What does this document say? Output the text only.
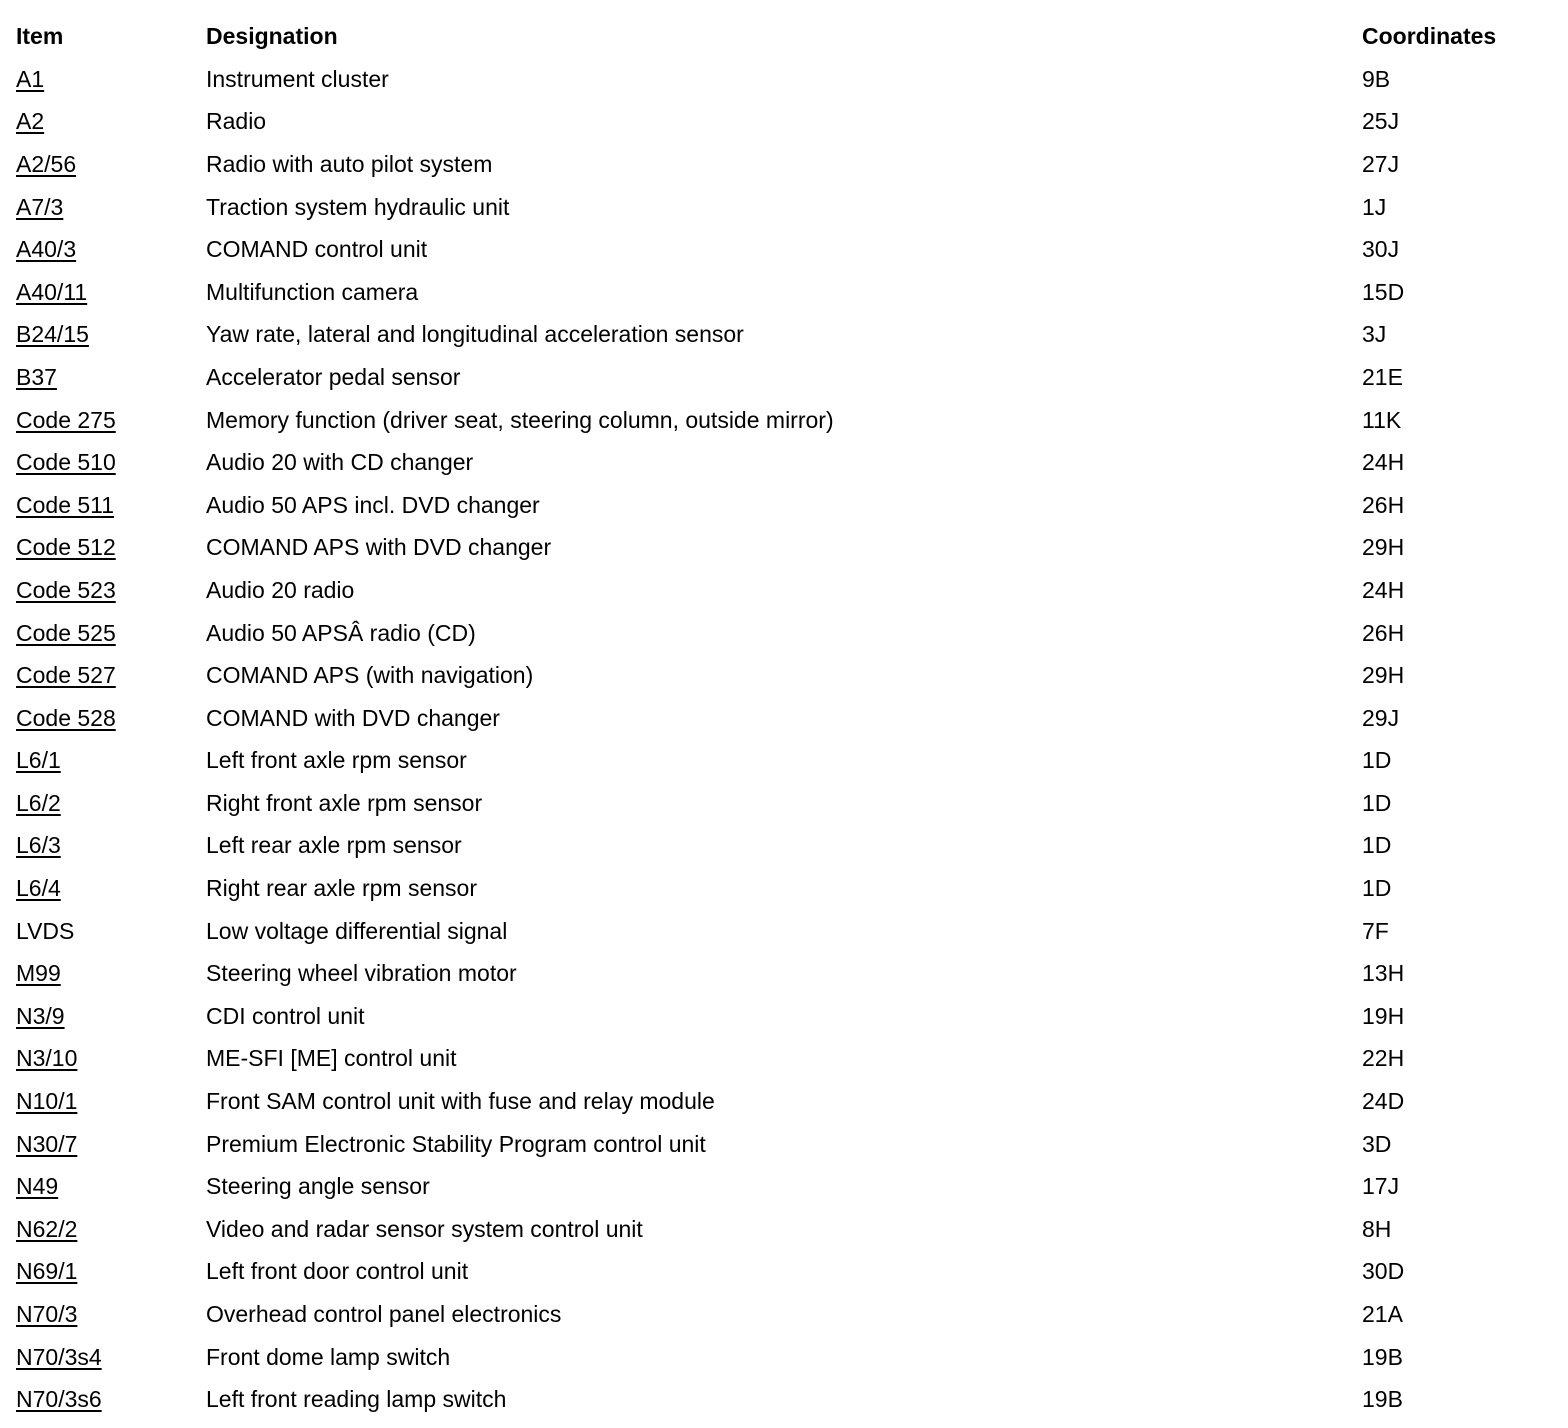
Item	Designation	Coordinates
A1	Instrument cluster	9B
A2	Radio	25J
A2/56	Radio with auto pilot system	27J
A7/3	Traction system hydraulic unit	1J
A40/3	COMAND control unit	30J
A40/11	Multifunction camera	15D
B24/15	Yaw rate, lateral and longitudinal acceleration sensor	3J
B37	Accelerator pedal sensor	21E
Code 275	Memory function (driver seat, steering column, outside mirror)	11K
Code 510	Audio 20 with CD changer	24H
Code 511	Audio 50 APS incl. DVD changer	26H
Code 512	COMAND APS with DVD changer	29H
Code 523	Audio 20 radio	24H
Code 525	Audio 50 APSÂ radio (CD)	26H
Code 527	COMAND APS (with navigation)	29H
Code 528	COMAND with DVD changer	29J
L6/1	Left front axle rpm sensor	1D
L6/2	Right front axle rpm sensor	1D
L6/3	Left rear axle rpm sensor	1D
L6/4	Right rear axle rpm sensor	1D
LVDS	Low voltage differential signal	7F
M99	Steering wheel vibration motor	13H
N3/9	CDI control unit	19H
N3/10	ME-SFI [ME] control unit	22H
N10/1	Front SAM control unit with fuse and relay module	24D
N30/7	Premium Electronic Stability Program control unit	3D
N49	Steering angle sensor	17J
N62/2	Video and radar sensor system control unit	8H
N69/1	Left front door control unit	30D
N70/3	Overhead control panel electronics	21A
N70/3s4	Front dome lamp switch	19B
N70/3s6	Left front reading lamp switch	19B
